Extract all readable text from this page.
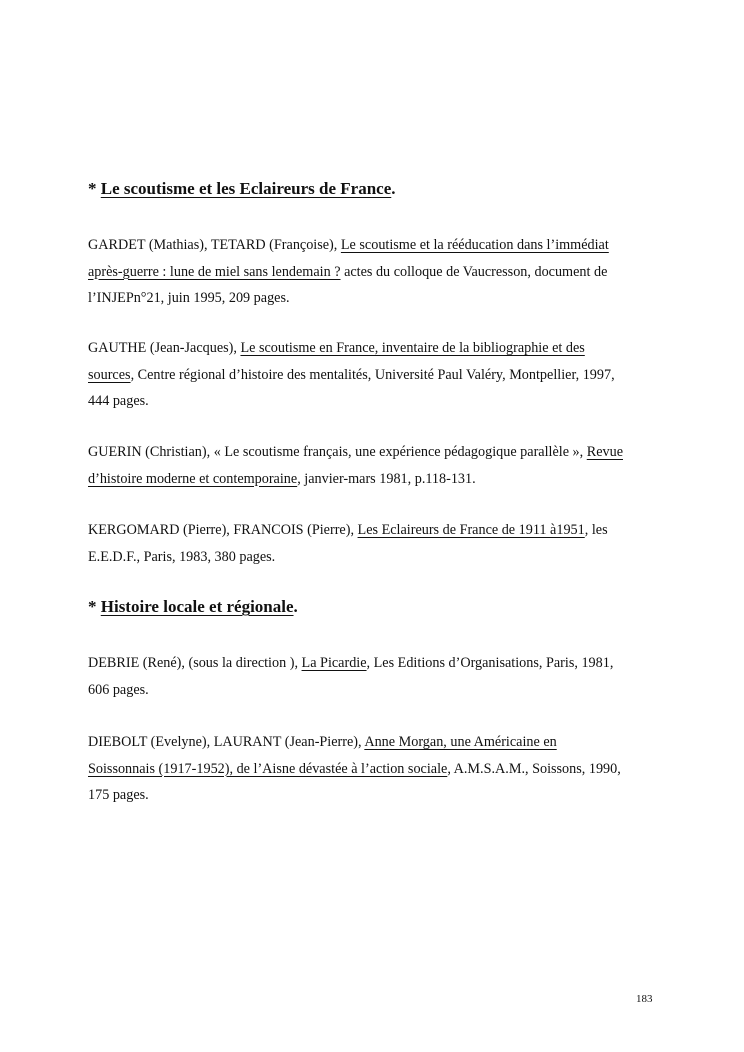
* Le scoutisme et les Eclaireurs de France.
GARDET (Mathias), TETARD (Françoise), Le scoutisme et la rééducation dans l’immédiat
après-guerre : lune de miel sans lendemain ? actes du colloque de Vaucresson, document de
l’INJEPn°21, juin 1995, 209 pages.
GAUTHE (Jean-Jacques), Le scoutisme en France, inventaire de la bibliographie et des
sources, Centre régional d’histoire des mentalités, Université Paul Valéry, Montpellier, 1997,
444 pages.
GUERIN (Christian), « Le scoutisme français, une expérience pédagogique parallèle », Revue
d’histoire moderne et contemporaine, janvier-mars 1981, p.118-131.
KERGOMARD (Pierre), FRANCOIS (Pierre), Les Eclaireurs de France de 1911 à1951, les
E.E.D.F., Paris, 1983, 380 pages.
* Histoire locale et régionale.
DEBRIE (René), (sous la direction ), La Picardie, Les Editions d’Organisations, Paris, 1981,
606 pages.
DIEBOLT (Evelyne), LAURANT (Jean-Pierre), Anne Morgan, une Américaine en
Soissonnais (1917-1952), de l’Aisne dévastée à l’action sociale, A.M.S.A.M., Soissons, 1990,
175 pages.
183
